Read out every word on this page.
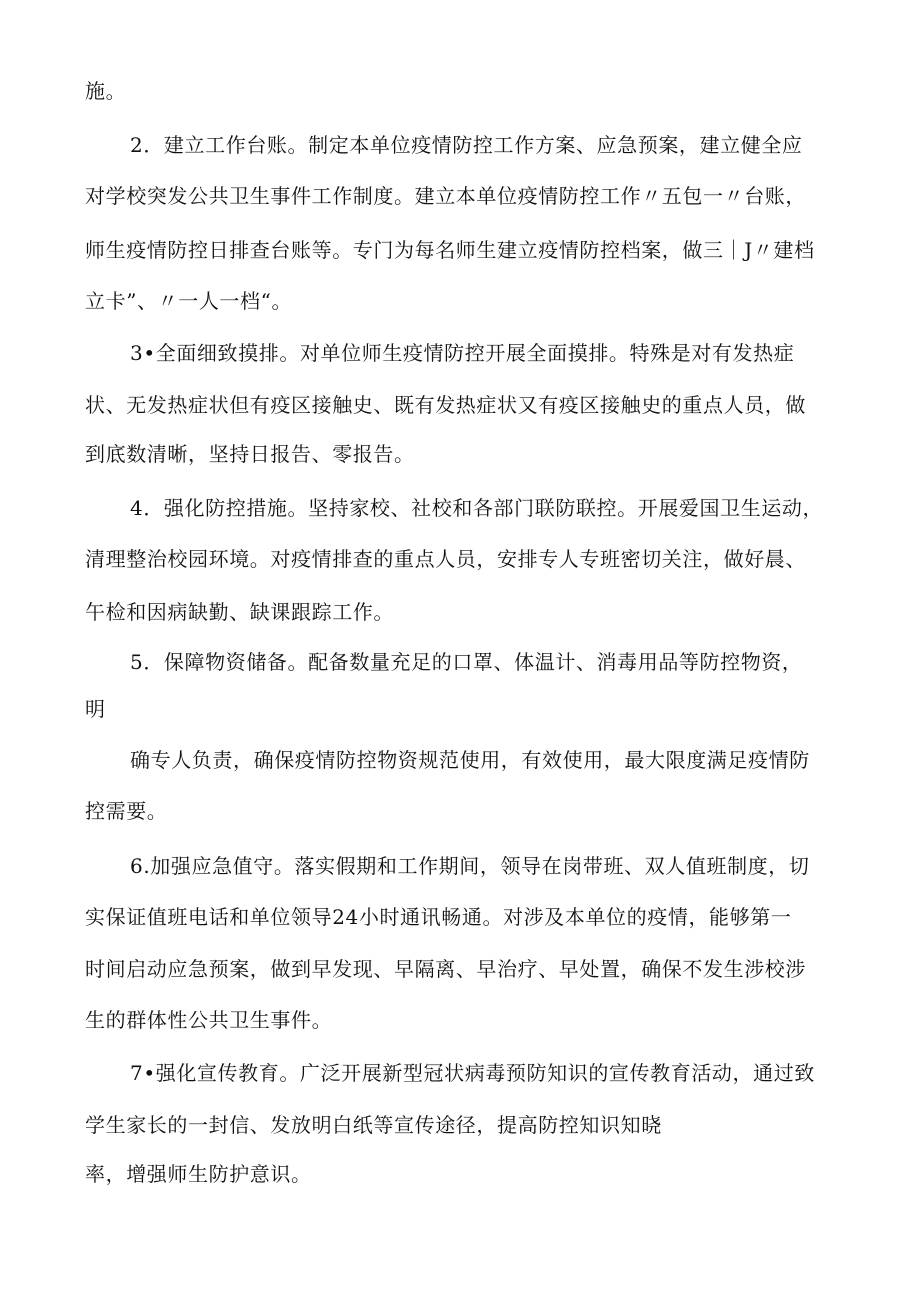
施。
2．建立工作台账。制定本单位疫情防控工作方案、应急预案，建立健全应
对学校突发公共卫生事件工作制度。建立本单位疫情防控工作〃五包一〃台账，
师生疫情防控日排查台账等。专门为每名师生建立疫情防控档案，做三｜J〃建档
立卡”、〃一人一档“。
3•全面细致摸排。对单位师生疫情防控开展全面摸排。特殊是对有发热症
状、无发热症状但有疫区接触史、既有发热症状又有疫区接触史的重点人员，做
到底数清晰，坚持日报告、零报告。
4．强化防控措施。坚持家校、社校和各部门联防联控。开展爱国卫生运动，
清理整治校园环境。对疫情排查的重点人员，安排专人专班密切关注，做好晨、
午检和因病缺勤、缺课跟踪工作。
5．保障物资储备。配备数量充足的口罩、体温计、消毒用品等防控物资，
明
确专人负责，确保疫情防控物资规范使用，有效使用，最大限度满足疫情防
控需要。
6.加强应急值守。落实假期和工作期间，领导在岗带班、双人值班制度，切
实保证值班电话和单位领导24小时通讯畅通。对涉及本单位的疫情，能够第一
时间启动应急预案，做到早发现、早隔离、早治疗、早处置，确保不发生涉校涉
生的群体性公共卫生事件。
7•强化宣传教育。广泛开展新型冠状病毒预防知识的宣传教育活动，通过致
学生家长的一封信、发放明白纸等宣传途径，提高防控知识知晓
率，增强师生防护意识。
